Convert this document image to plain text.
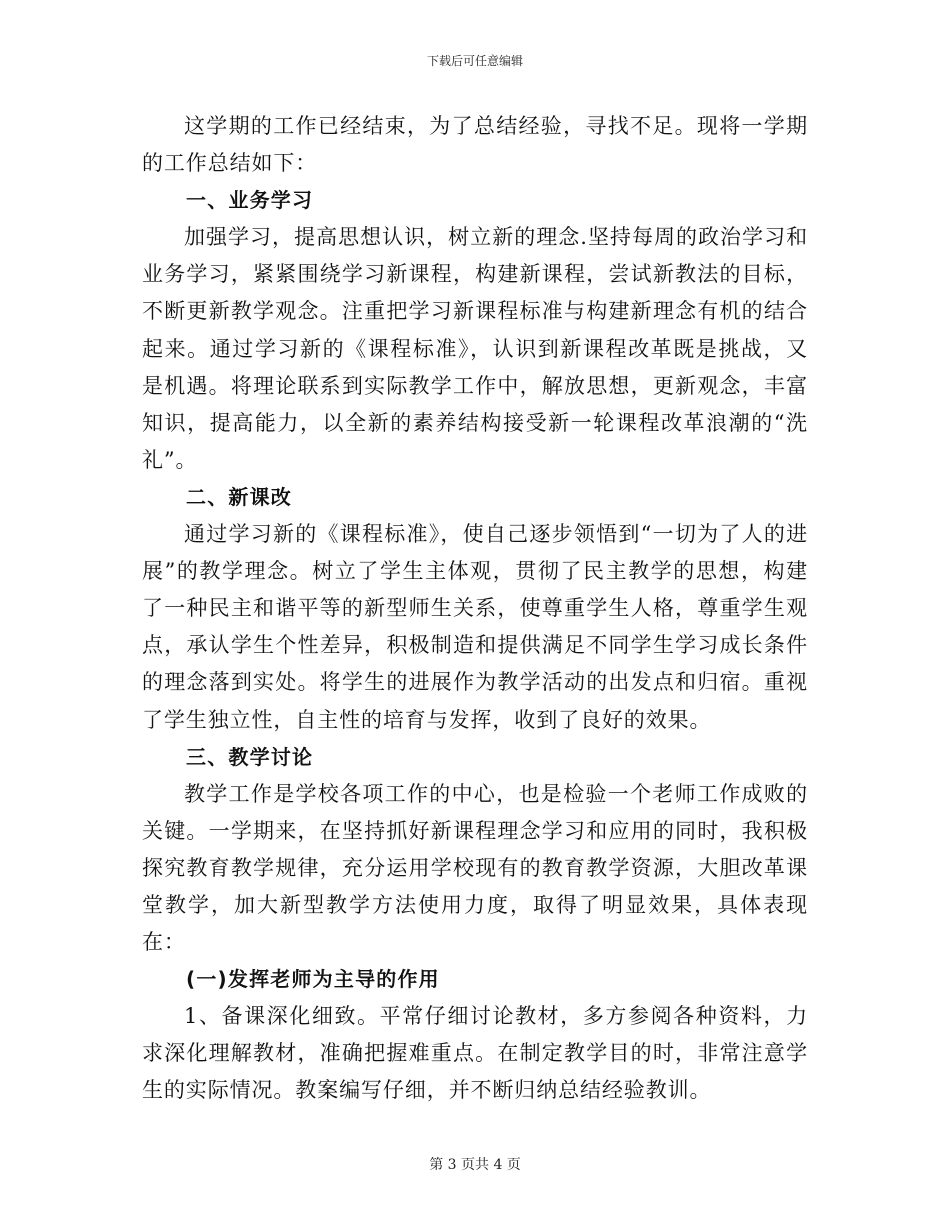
下载后可任意编辑

这学期的工作已经结束，为了总结经验，寻找不足。现将一学期的工作总结如下：

一、业务学习

加强学习，提高思想认识，树立新的理念.坚持每周的政治学习和业务学习，紧紧围绕学习新课程，构建新课程，尝试新教法的目标，不断更新教学观念。注重把学习新课程标准与构建新理念有机的结合起来。通过学习新的《课程标准》，认识到新课程改革既是挑战，又是机遇。将理论联系到实际教学工作中，解放思想，更新观念，丰富知识，提高能力，以全新的素养结构接受新一轮课程改革浪潮的“洗礼”。

二、新课改

通过学习新的《课程标准》，使自己逐步领悟到“一切为了人的进展”的教学理念。树立了学生主体观，贯彻了民主教学的思想，构建了一种民主和谐平等的新型师生关系，使尊重学生人格，尊重学生观点，承认学生个性差异，积极制造和提供满足不同学生学习成长条件的理念落到实处。将学生的进展作为教学活动的出发点和归宿。重视了学生独立性，自主性的培育与发挥，收到了良好的效果。

三、教学讨论

教学工作是学校各项工作的中心，也是检验一个老师工作成败的关键。一学期来，在坚持抓好新课程理念学习和应用的同时，我积极探究教育教学规律，充分运用学校现有的教育教学资源，大胆改革课堂教学，加大新型教学方法使用力度，取得了明显效果，具体表现在：

(一)发挥老师为主导的作用

1、备课深化细致。平常仔细讨论教材，多方参阅各种资料，力求深化理解教材，准确把握难重点。在制定教学目的时，非常注意学生的实际情况。教案编写仔细，并不断归纳总结经验教训。

第 3 页共 4 页
